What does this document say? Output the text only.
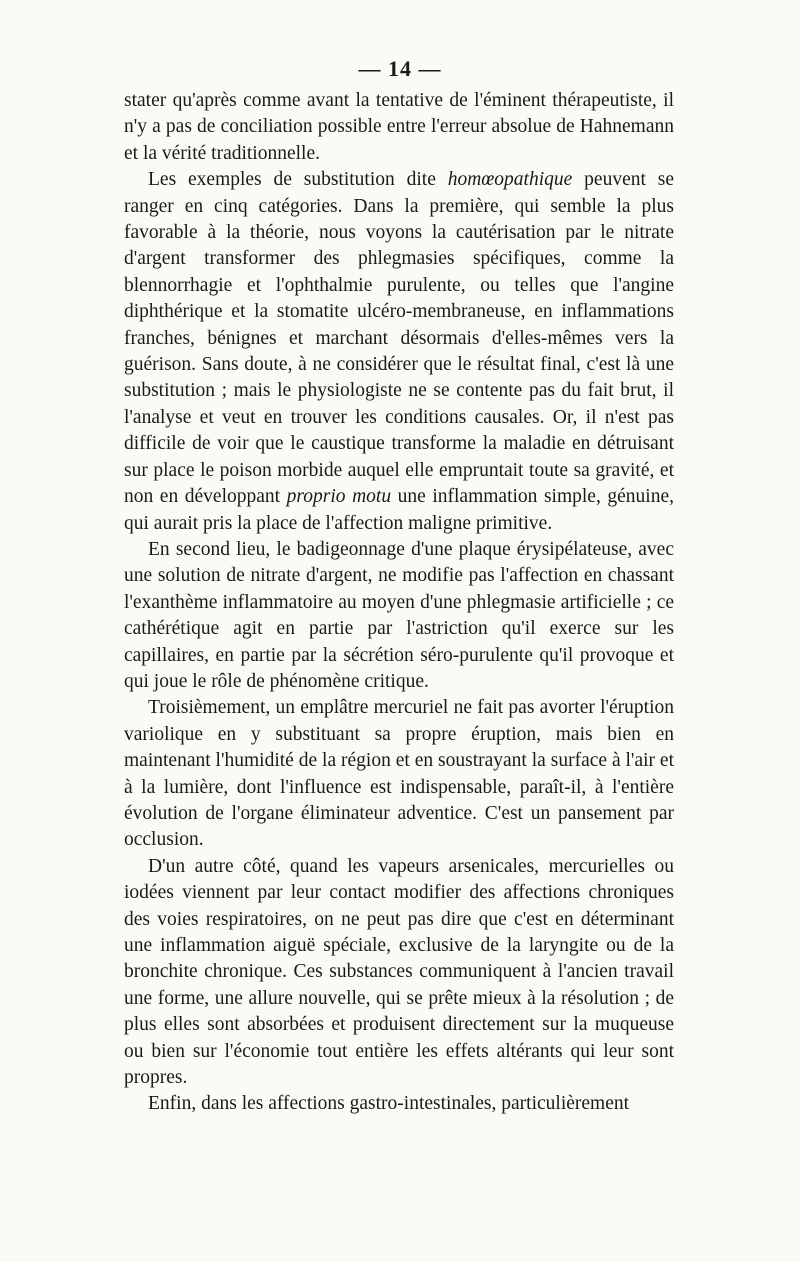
— 14 —

stater qu'après comme avant la tentative de l'éminent thérapeutiste, il n'y a pas de conciliation possible entre l'erreur absolue de Hahnemann et la vérité traditionnelle.

Les exemples de substitution dite homœopathique peuvent se ranger en cinq catégories. Dans la première, qui semble la plus favorable à la théorie, nous voyons la cautérisation par le nitrate d'argent transformer des phlegmasies spécifiques, comme la blennorrhagie et l'ophthalmie purulente, ou telles que l'angine diphthérique et la stomatite ulcéro-membraneuse, en inflammations franches, bénignes et marchant désormais d'elles-mêmes vers la guérison. Sans doute, à ne considérer que le résultat final, c'est là une substitution ; mais le physiologiste ne se contente pas du fait brut, il l'analyse et veut en trouver les conditions causales. Or, il n'est pas difficile de voir que le caustique transforme la maladie en détruisant sur place le poison morbide auquel elle empruntait toute sa gravité, et non en développant proprio motu une inflammation simple, génuine, qui aurait pris la place de l'affection maligne primitive.

En second lieu, le badigeonnage d'une plaque érysipélateuse, avec une solution de nitrate d'argent, ne modifie pas l'affection en chassant l'exanthème inflammatoire au moyen d'une phlegmasie artificielle ; ce cathérétique agit en partie par l'astriction qu'il exerce sur les capillaires, en partie par la sécrétion séro-purulente qu'il provoque et qui joue le rôle de phénomène critique.

Troisièmement, un emplâtre mercuriel ne fait pas avorter l'éruption variolique en y substituant sa propre éruption, mais bien en maintenant l'humidité de la région et en soustrayant la surface à l'air et à la lumière, dont l'influence est indispensable, paraît-il, à l'entière évolution de l'organe éliminateur adventice. C'est un pansement par occlusion.

D'un autre côté, quand les vapeurs arsenicales, mercurielles ou iodées viennent par leur contact modifier des affections chroniques des voies respiratoires, on ne peut pas dire que c'est en déterminant une inflammation aiguë spéciale, exclusive de la laryngite ou de la bronchite chronique. Ces substances communiquent à l'ancien travail une forme, une allure nouvelle, qui se prête mieux à la résolution ; de plus elles sont absorbées et produisent directement sur la muqueuse ou bien sur l'économie tout entière les effets altérants qui leur sont propres.

Enfin, dans les affections gastro-intestinales, particulièrement
